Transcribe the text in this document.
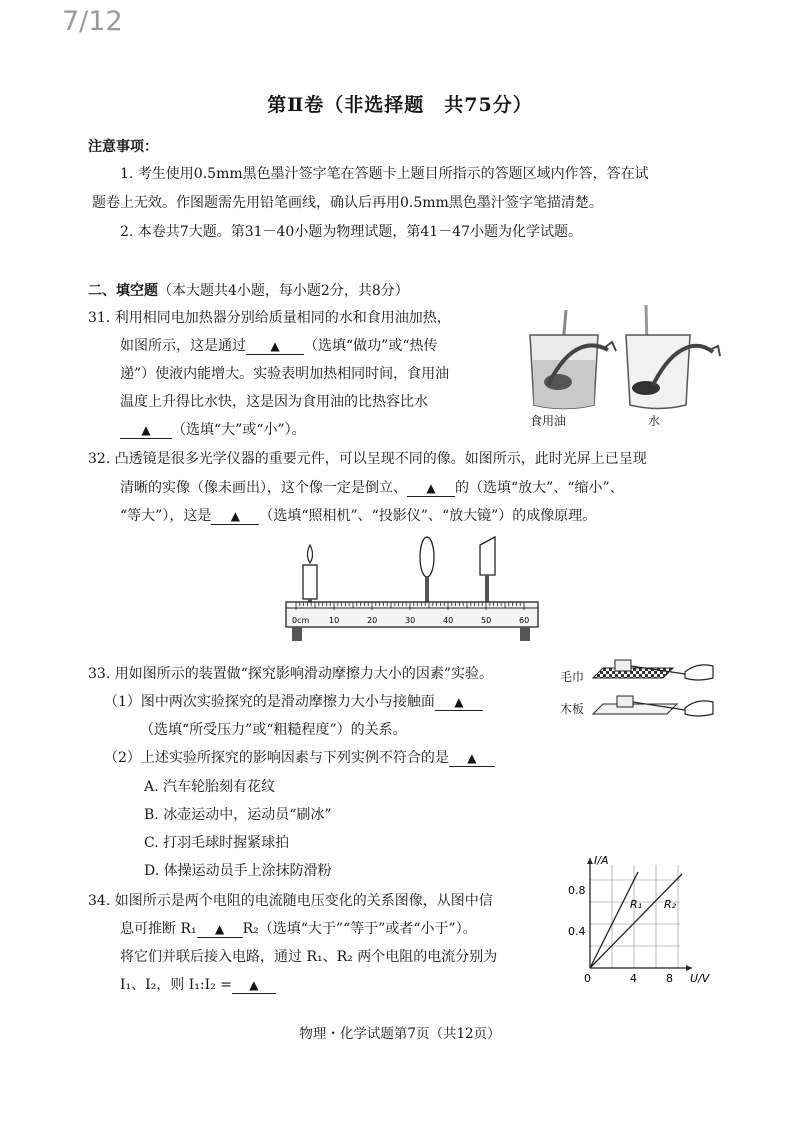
7/12
第Ⅱ卷（非选择题　共75分）
注意事项：
1. 考生使用0.5mm黑色墨汁签字笔在答题卡上题目所指示的答题区域内作答，答在试
题卷上无效。作图题需先用铅笔画线，确认后再用0.5mm黑色墨汁签字笔描清楚。
2. 本卷共7大题。第31－40小题为物理试题，第41－47小题为化学试题。
二、填空题（本大题共4小题，每小题2分，共8分）
31. 利用相同电加热器分别给质量相同的水和食用油加热，
如图所示，这是通过 ▲ （选填“做功”或“热传
递”）使液内能增大。实验表明加热相同时间，食用油
温度上升得比水快，这是因为食用油的比热容比水
▲ （选填“大”或“小”）。
食用油	水
32. 凸透镜是很多光学仪器的重要元件，可以呈现不同的像。如图所示，此时光屏上已呈现
清晰的实像（像未画出），这个像一定是倒立、 ▲ 的（选填“放大”、“缩小”、
“等大”），这是 ▲ （选填“照相机”、“投影仪”、“放大镜”）的成像原理。
0cm 10	20	30	40	50	60
33. 用如图所示的装置做“探究影响滑动摩擦力大小的因素”实验。
（1）图中两次实验探究的是滑动摩擦力大小与接触面 ▲
（选填“所受压力”或“粗糙程度”）的关系。
（2）上述实验所探究的影响因素与下列实例不符合的是 ▲
A. 汽车轮胎刻有花纹
B. 冰壶运动中，运动员“刷冰”
C. 打羽毛球时握紧球拍
D. 体操运动员手上涂抹防滑粉
毛巾
木板
34. 如图所示是两个电阻的电流随电压变化的关系图像，从图中信
息可推断 R₁ ▲ R₂（选填“大于”“等于”或者“小于”）。
将它们并联后接入电路，通过 R₁、R₂ 两个电阻的电流分别为
I₁、I₂，则 I₁:I₂ = ▲
I/A
U/V
0.8
0.4
0	4	8
R₁ R₂
物理・化学试题第7页（共12页）
